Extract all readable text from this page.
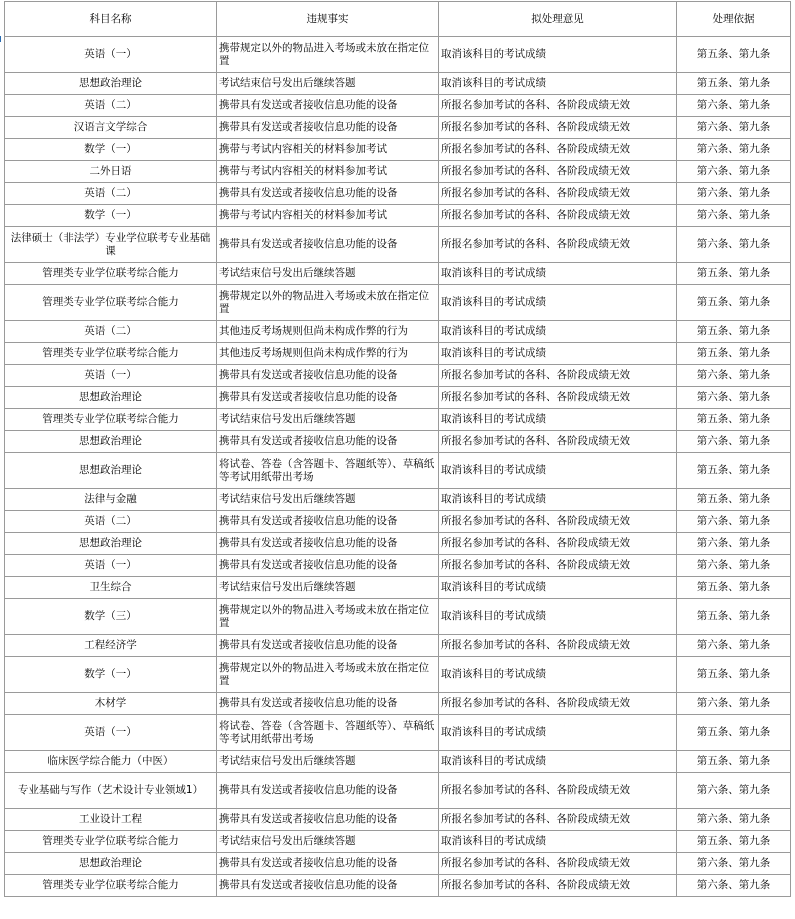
科目名称	违规事实	拟处理意见	处理依据
英语（一）	携带规定以外的物品进入考场或未放在指定位置	取消该科目的考试成绩	第五条、第九条
思想政治理论	考试结束信号发出后继续答题	取消该科目的考试成绩	第五条、第九条
英语（二）	携带具有发送或者接收信息功能的设备	所报名参加考试的各科、各阶段成绩无效	第六条、第九条
汉语言文学综合	携带具有发送或者接收信息功能的设备	所报名参加考试的各科、各阶段成绩无效	第六条、第九条
数学（一）	携带与考试内容相关的材料参加考试	所报名参加考试的各科、各阶段成绩无效	第六条、第九条
二外日语	携带与考试内容相关的材料参加考试	所报名参加考试的各科、各阶段成绩无效	第六条、第九条
英语（二）	携带具有发送或者接收信息功能的设备	所报名参加考试的各科、各阶段成绩无效	第六条、第九条
数学（一）	携带与考试内容相关的材料参加考试	所报名参加考试的各科、各阶段成绩无效	第六条、第九条
法律硕士（非法学）专业学位联考专业基础课	携带具有发送或者接收信息功能的设备	所报名参加考试的各科、各阶段成绩无效	第六条、第九条
管理类专业学位联考综合能力	考试结束信号发出后继续答题	取消该科目的考试成绩	第五条、第九条
管理类专业学位联考综合能力	携带规定以外的物品进入考场或未放在指定位置	取消该科目的考试成绩	第五条、第九条
英语（二）	其他违反考场规则但尚未构成作弊的行为	取消该科目的考试成绩	第五条、第九条
管理类专业学位联考综合能力	其他违反考场规则但尚未构成作弊的行为	取消该科目的考试成绩	第五条、第九条
英语（一）	携带具有发送或者接收信息功能的设备	所报名参加考试的各科、各阶段成绩无效	第六条、第九条
思想政治理论	携带具有发送或者接收信息功能的设备	所报名参加考试的各科、各阶段成绩无效	第六条、第九条
管理类专业学位联考综合能力	考试结束信号发出后继续答题	取消该科目的考试成绩	第五条、第九条
思想政治理论	携带具有发送或者接收信息功能的设备	所报名参加考试的各科、各阶段成绩无效	第六条、第九条
思想政治理论	将试卷、答卷（含答题卡、答题纸等）、草稿纸等考试用纸带出考场	取消该科目的考试成绩	第五条、第九条
法律与金融	考试结束信号发出后继续答题	取消该科目的考试成绩	第五条、第九条
英语（二）	携带具有发送或者接收信息功能的设备	所报名参加考试的各科、各阶段成绩无效	第六条、第九条
思想政治理论	携带具有发送或者接收信息功能的设备	所报名参加考试的各科、各阶段成绩无效	第六条、第九条
英语（一）	携带具有发送或者接收信息功能的设备	所报名参加考试的各科、各阶段成绩无效	第六条、第九条
卫生综合	考试结束信号发出后继续答题	取消该科目的考试成绩	第五条、第九条
数学（三）	携带规定以外的物品进入考场或未放在指定位置	取消该科目的考试成绩	第五条、第九条
工程经济学	携带具有发送或者接收信息功能的设备	所报名参加考试的各科、各阶段成绩无效	第六条、第九条
数学（一）	携带规定以外的物品进入考场或未放在指定位置	取消该科目的考试成绩	第五条、第九条
木材学	携带具有发送或者接收信息功能的设备	所报名参加考试的各科、各阶段成绩无效	第六条、第九条
英语（一）	将试卷、答卷（含答题卡、答题纸等）、草稿纸等考试用纸带出考场	取消该科目的考试成绩	第五条、第九条
临床医学综合能力（中医）	考试结束信号发出后继续答题	取消该科目的考试成绩	第五条、第九条
专业基础与写作（艺术设计专业领域1）	携带具有发送或者接收信息功能的设备	所报名参加考试的各科、各阶段成绩无效	第六条、第九条
工业设计工程	携带具有发送或者接收信息功能的设备	所报名参加考试的各科、各阶段成绩无效	第六条、第九条
管理类专业学位联考综合能力	考试结束信号发出后继续答题	取消该科目的考试成绩	第五条、第九条
思想政治理论	携带具有发送或者接收信息功能的设备	所报名参加考试的各科、各阶段成绩无效	第六条、第九条
管理类专业学位联考综合能力	携带具有发送或者接收信息功能的设备	所报名参加考试的各科、各阶段成绩无效	第六条、第九条
